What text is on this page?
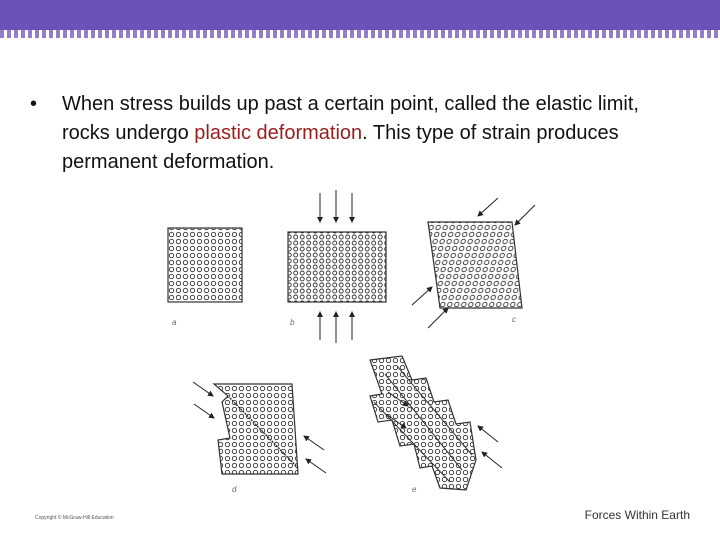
•	When stress builds up past a certain point, called the elastic limit, rocks undergo plastic deformation. This type of strain produces permanent deformation.
a	b	c
d	e
Copyright © McGraw-Hill Education	Forces Within Earth
